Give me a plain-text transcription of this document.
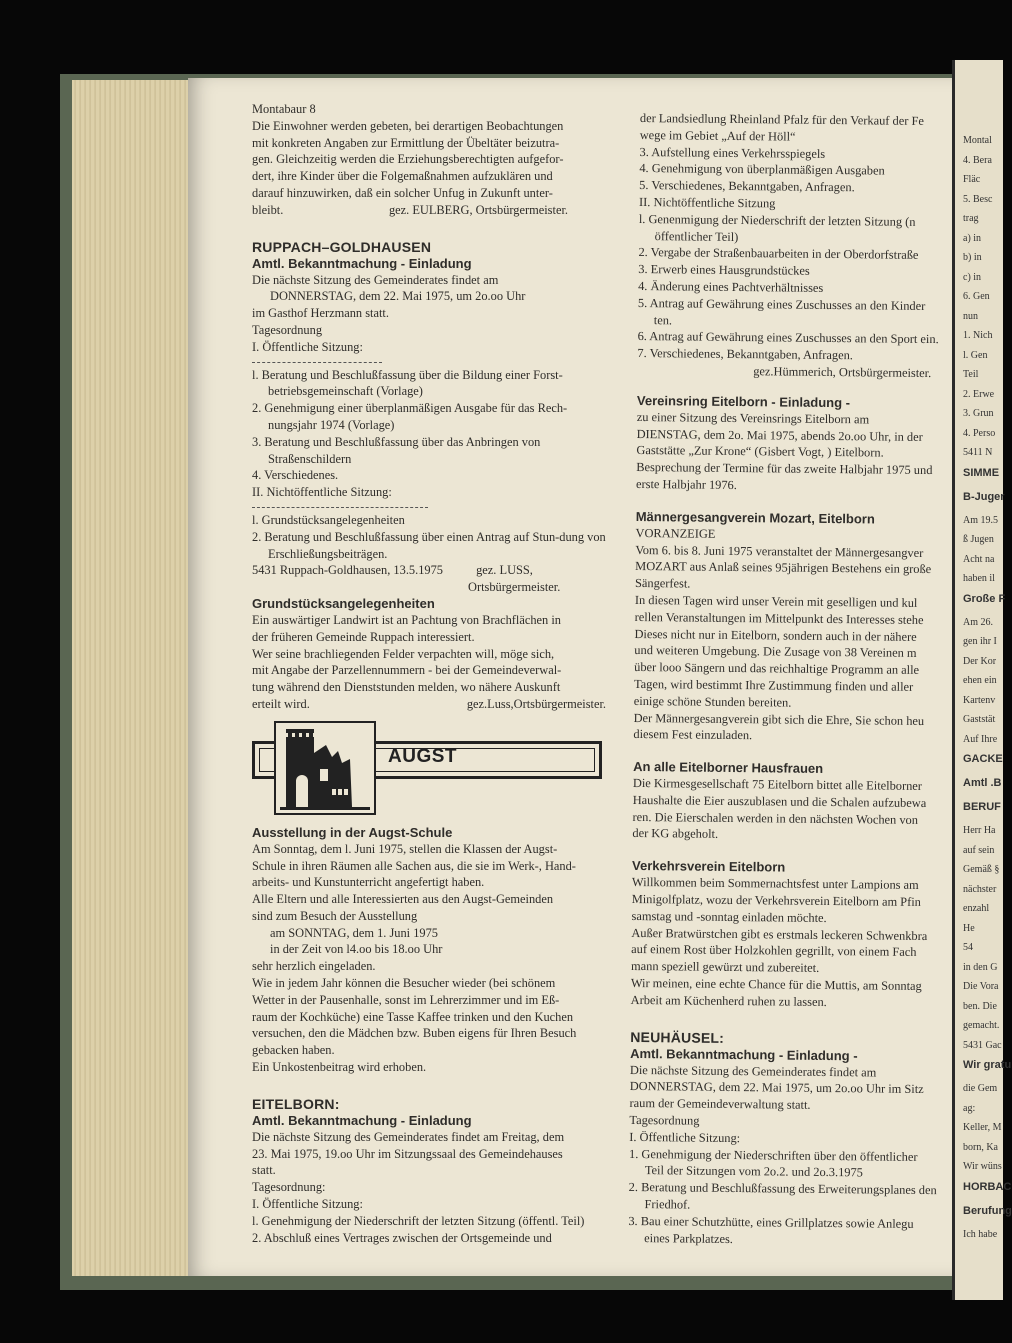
Montal
4. Bera
Fläc
5. Besc
trag
a) in
b) in
c) in
6. Gen
nun
1. Nich
l. Gen
Teil
2. Erwe
3. Grun
4. Perso
5411 N
SIMME
B-Juger
Am 19.5
ß Jugen
Acht na
haben il
Große F
Am 26.
gen ihr I
Der Kor
ehen ein
Kartenv
Gaststät
Auf Ihre
GACKE
Amtl .B
BERUF
Herr Ha
auf sein
Gemäß §
nächster
enzahl
He
54
in den G
Die Vora
ben. Die
gemacht.
5431 Gac
Wir gratu
die Gem
ag:
Keller, M
born, Ka
Wir wüns
HORBAC
Berufung
Ich habe

Montabaur 8

Die Einwohner werden gebeten, bei derartigen Beobachtungen

mit konkreten Angaben zur Ermittlung der Übeltäter beizutra-

gen. Gleichzeitig werden die Erziehungsberechtigten aufgefor-

dert, ihre Kinder über die Folgemaßnahmen aufzuklären und

darauf hinzuwirken, daß ein solcher Unfug in Zukunft unter-

bleibt.	gez. EULBERG, Ortsbürgermeister.
RUPPACH–GOLDHAUSEN
Amtl. Bekanntmachung - Einladung

Die nächste Sitzung des Gemeinderates findet am

DONNERSTAG, dem 22. Mai 1975, um 2o.oo Uhr

im Gasthof Herzmann statt.

Tagesordnung

I. Öffentliche Sitzung:

l. Beratung und Beschlußfassung über die Bildung einer Forst-betriebsgemeinschaft (Vorlage)

2. Genehmigung einer überplanmäßigen Ausgabe für das Rech-nungsjahr 1974 (Vorlage)

3. Beratung und Beschlußfassung über das Anbringen von Straßenschildern

4. Verschiedenes.

II. Nichtöffentliche Sitzung:

l. Grundstücksangelegenheiten

2. Beratung und Beschlußfassung über einen Antrag auf Stun-dung von Erschließungsbeiträgen.

5431 Ruppach-Goldhausen, 13.5.1975	gez. LUSS,

Ortsbürgermeister.

Grundstücksangelegenheiten

Ein auswärtiger Landwirt ist an Pachtung von Brachflächen in

der früheren Gemeinde Ruppach interessiert.

Wer seine brachliegenden Felder verpachten will, möge sich,

mit Angabe der Parzellennummern - bei der Gemeindeverwal-

tung während den Dienststunden melden, wo nähere Auskunft

erteilt wird.	gez.Luss,Ortsbürgermeister.
AUGST
Ausstellung in der Augst-Schule

Am Sonntag, dem l. Juni 1975, stellen die Klassen der Augst-

Schule in ihren Räumen alle Sachen aus, die sie im Werk-, Hand-

arbeits- und Kunstunterricht angefertigt haben.

Alle Eltern und alle Interessierten aus den Augst-Gemeinden

sind zum Besuch der Ausstellung

am SONNTAG, dem 1. Juni 1975

in der Zeit von l4.oo bis 18.oo Uhr

sehr herzlich eingeladen.

Wie in jedem Jahr können die Besucher wieder (bei schönem

Wetter in der Pausenhalle, sonst im Lehrerzimmer und im Eß-

raum der Kochküche) eine Tasse Kaffee trinken und den Kuchen

versuchen, den die Mädchen bzw. Buben eigens für Ihren Besuch

gebacken haben.

Ein Unkostenbeitrag wird erhoben.

EITELBORN:
Amtl. Bekanntmachung - Einladung

Die nächste Sitzung des Gemeinderates findet am Freitag, dem

23. Mai 1975, 19.oo Uhr im Sitzungssaal des Gemeindehauses

statt.

Tagesordnung:

I. Öffentliche Sitzung:

l. Genehmigung der Niederschrift der letzten Sitzung (öffentl. Teil)

2. Abschluß eines Vertrages zwischen der Ortsgemeinde und

der Landsiedlung Rheinland Pfalz für den Verkauf der Fe

wege im Gebiet „Auf der Höll“

3. Aufstellung eines Verkehrsspiegels

4. Genehmigung von überplanmäßigen Ausgaben

5. Verschiedenes, Bekanntgaben, Anfragen.

II. Nichtöffentliche Sitzung

l. Genenmigung der Niederschrift der letzten Sitzung (n öffentlicher Teil)

2. Vergabe der Straßenbauarbeiten in der Oberdorfstraße

3. Erwerb eines Hausgrundstückes

4. Änderung eines Pachtverhältnisses

5. Antrag auf Gewährung eines Zuschusses an den Kinder ten.

6. Antrag auf Gewährung eines Zuschusses an den Sport ein.

7. Verschiedenes, Bekanntgaben, Anfragen.

gez.Hümmerich, Ortsbürgermeister.

Vereinsring Eitelborn - Einladung -

zu einer Sitzung des Vereinsrings Eitelborn am

DIENSTAG, dem 2o. Mai 1975, abends 2o.oo Uhr, in der

Gaststätte „Zur Krone“ (Gisbert Vogt, ) Eitelborn.

Besprechung der Termine für das zweite Halbjahr 1975 und

erste Halbjahr 1976.

Männergesangverein Mozart, Eitelborn

VORANZEIGE

Vom 6. bis 8. Juni 1975 veranstaltet der Männergesangver

MOZART aus Anlaß seines 95jährigen Bestehens ein große

Sängerfest.

In diesen Tagen wird unser Verein mit geselligen und kul

rellen Veranstaltungen im Mittelpunkt des Interesses stehe

Dieses nicht nur in Eitelborn, sondern auch in der nähere

und weiteren Umgebung. Die Zusage von 38 Vereinen m

über looo Sängern und das reichhaltige Programm an alle

Tagen, wird bestimmt Ihre Zustimmung finden und aller

einige schöne Stunden bereiten.

Der Männergesangverein gibt sich die Ehre, Sie schon heu

diesem Fest einzuladen.

An alle Eitelborner Hausfrauen

Die Kirmesgesellschaft 75 Eitelborn bittet alle Eitelborner

Haushalte die Eier auszublasen und die Schalen aufzubewa

ren. Die Eierschalen werden in den nächsten Wochen von

der KG abgeholt.

Verkehrsverein Eitelborn

Willkommen beim Sommernachtsfest unter Lampions am

Minigolfplatz, wozu der Verkehrsverein Eitelborn am Pfin

samstag und -sonntag einladen möchte.

Außer Bratwürstchen gibt es erstmals leckeren Schwenkbra

auf einem Rost über Holzkohlen gegrillt, von einem Fach

mann speziell gewürzt und zubereitet.

Wir meinen, eine echte Chance für die Muttis, am Sonntag

Arbeit am Küchenherd ruhen zu lassen.

NEUHÄUSEL:
Amtl. Bekanntmachung - Einladung -

Die nächste Sitzung des Gemeinderates findet am

DONNERSTAG, dem 22. Mai 1975, um 2o.oo Uhr im Sitz

raum der Gemeindeverwaltung statt.

Tagesordnung

I. Öffentliche Sitzung:

1. Genehmigung der Niederschriften über den öffentlicher Teil der Sitzungen vom 2o.2. und 2o.3.1975

2. Beratung und Beschlußfassung des Erweiterungsplanes den Friedhof.

3. Bau einer Schutzhütte, eines Grillplatzes sowie Anlegu eines Parkplatzes.
